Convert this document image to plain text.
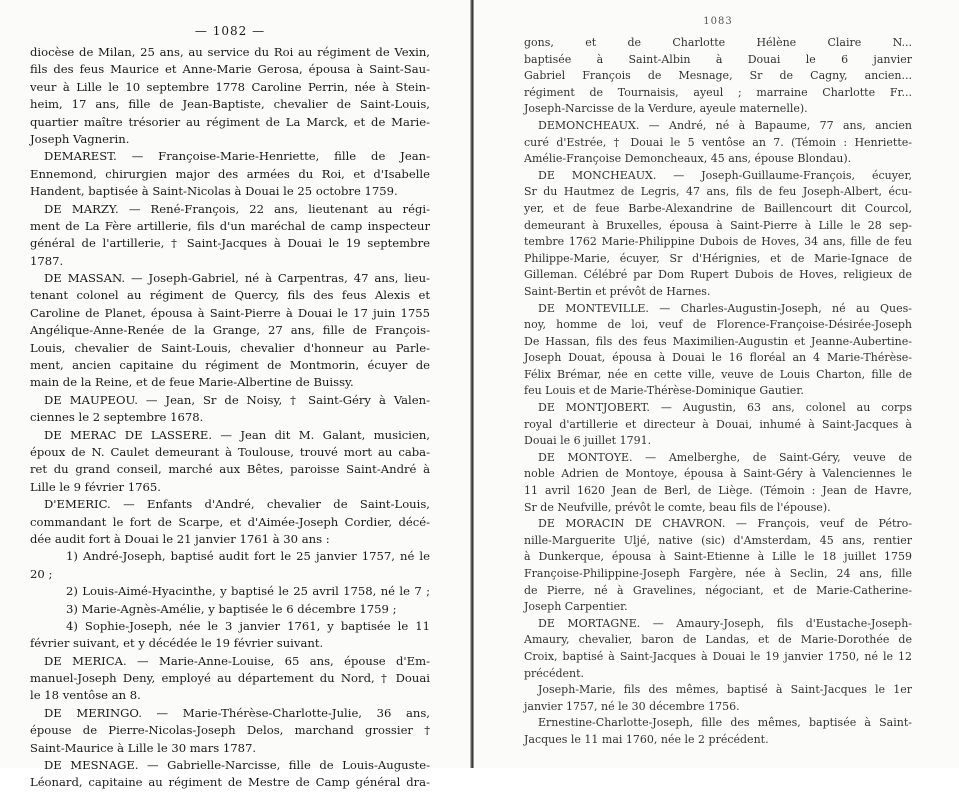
— 1082 —
diocèse de Milan, 25 ans, au service du Roi au régiment de Vexin,
fils des feus Maurice et Anne-Marie Gerosa, épousa à Saint-Sau-
veur à Lille le 10 septembre 1778 Caroline Perrin, née à Stein-
heim, 17 ans, fille de Jean-Baptiste, chevalier de Saint-Louis,
quartier maître trésorier au régiment de La Marck, et de Marie-
Joseph Vagnerin.
DEMAREST. — Françoise-Marie-Henriette, fille de Jean-
Ennemond, chirurgien major des armées du Roi, et d'Isabelle
Handent, baptisée à Saint-Nicolas à Douai le 25 octobre 1759.
DE MARZY. — René-François, 22 ans, lieutenant au régi-
ment de La Fère artillerie, fils d'un maréchal de camp inspecteur
général de l'artillerie, † Saint-Jacques à Douai le 19 septembre
1787.
DE MASSAN. — Joseph-Gabriel, né à Carpentras, 47 ans, lieu-
tenant colonel au régiment de Quercy, fils des feus Alexis et
Caroline de Planet, épousa à Saint-Pierre à Douai le 17 juin 1755
Angélique-Anne-Renée de la Grange, 27 ans, fille de François-
Louis, chevalier de Saint-Louis, chevalier d'honneur au Parle-
ment, ancien capitaine du régiment de Montmorin, écuyer de
main de la Reine, et de feue Marie-Albertine de Buissy.
DE MAUPEOU. — Jean, Sr de Noisy, † Saint-Géry à Valen-
ciennes le 2 septembre 1678.
DE MERAC DE LASSERE. — Jean dit M. Galant, musicien,
époux de N. Caulet demeurant à Toulouse, trouvé mort au caba-
ret du grand conseil, marché aux Bêtes, paroisse Saint-André à
Lille le 9 février 1765.
D'EMERIC. — Enfants d'André, chevalier de Saint-Louis,
commandant le fort de Scarpe, et d'Aimée-Joseph Cordier, décé-
dée audit fort à Douai le 21 janvier 1761 à 30 ans :
1) André-Joseph, baptisé audit fort le 25 janvier 1757, né le
20 ;
2) Louis-Aimé-Hyacinthe, y baptisé le 25 avril 1758, né le 7 ;
3) Marie-Agnès-Amélie, y baptisée le 6 décembre 1759 ;
4) Sophie-Joseph, née le 3 janvier 1761, y baptisée le 11
février suivant, et y décédée le 19 février suivant.
DE MERICA. — Marie-Anne-Louise, 65 ans, épouse d'Em-
manuel-Joseph Deny, employé au département du Nord, † Douai
le 18 ventôse an 8.
DE MERINGO. — Marie-Thérèse-Charlotte-Julie, 36 ans,
épouse de Pierre-Nicolas-Joseph Delos, marchand grossier †
Saint-Maurice à Lille le 30 mars 1787.
DE MESNAGE. — Gabrielle-Narcisse, fille de Louis-Auguste-
Léonard, capitaine au régiment de Mestre de Camp général dra-
1083
gons, et de Charlotte Hélène Claire N...
baptisée à Saint-Albin à Douai le 6 janvier
Gabriel François de Mesnage, Sr de Cagny, ancien...
régiment de Tournaisis, ayeul ; marraine Charlotte Fr...
Joseph-Narcisse de la Verdure, ayeule maternelle).
DEMONCHEAUX. — André, né à Bapaume, 77 ans, ancien
curé d'Estrée, † Douai le 5 ventôse an 7. (Témoin : Henriette-
Amélie-Françoise Demoncheaux, 45 ans, épouse Blondau).
DE MONCHEAUX. — Joseph-Guillaume-François, écuyer,
Sr du Hautmez de Legris, 47 ans, fils de feu Joseph-Albert, écu-
yer, et de feue Barbe-Alexandrine de Baillencourt dit Courcol,
demeurant à Bruxelles, épousa à Saint-Pierre à Lille le 28 sep-
tembre 1762 Marie-Philippine Dubois de Hoves, 34 ans, fille de feu
Philippe-Marie, écuyer, Sr d'Hérignies, et de Marie-Ignace de
Gilleman. Célébré par Dom Rupert Dubois de Hoves, religieux de
Saint-Bertin et prévôt de Harnes.
DE MONTEVILLE. — Charles-Augustin-Joseph, né au Ques-
noy, homme de loi, veuf de Florence-Françoise-Désirée-Joseph
De Hassan, fils des feus Maximilien-Augustin et Jeanne-Aubertine-
Joseph Douat, épousa à Douai le 16 floréal an 4 Marie-Thérèse-
Félix Brémar, née en cette ville, veuve de Louis Charton, fille de
feu Louis et de Marie-Thérèse-Dominique Gautier.
DE MONTJOBERT. — Augustin, 63 ans, colonel au corps
royal d'artillerie et directeur à Douai, inhumé à Saint-Jacques à
Douai le 6 juillet 1791.
DE MONTOYE. — Amelberghe, de Saint-Géry, veuve de
noble Adrien de Montoye, épousa à Saint-Géry à Valenciennes le
11 avril 1620 Jean de Berl, de Liège. (Témoin : Jean de Havre,
Sr de Neufville, prévôt le comte, beau fils de l'épouse).
DE MORACIN DE CHAVRON. — François, veuf de Pétro-
nille-Marguerite Uljé, native (sic) d'Amsterdam, 45 ans, rentier
à Dunkerque, épousa à Saint-Etienne à Lille le 18 juillet 1759
Françoise-Philippine-Joseph Fargère, née à Seclin, 24 ans, fille
de Pierre, né à Gravelines, négociant, et de Marie-Catherine-
Joseph Carpentier.
DE MORTAGNE. — Amaury-Joseph, fils d'Eustache-Joseph-
Amaury, chevalier, baron de Landas, et de Marie-Dorothée de
Croix, baptisé à Saint-Jacques à Douai le 19 janvier 1750, né le 12
précédent.
Joseph-Marie, fils des mêmes, baptisé à Saint-Jacques le 1er
janvier 1757, né le 30 décembre 1756.
Ernestine-Charlotte-Joseph, fille des mêmes, baptisée à Saint-
Jacques le 11 mai 1760, née le 2 précédent.
